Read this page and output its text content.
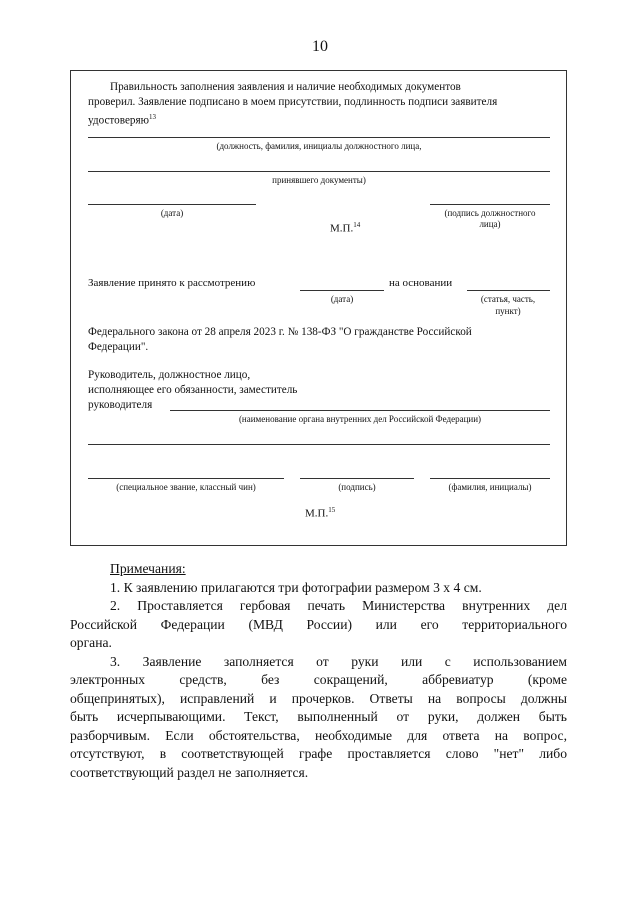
10
Правильность заполнения заявления и наличие необходимых документов
проверил. Заявление подписано в моем присутствии, подлинность подписи заявителя
удостоверяю$^{13}$
(должность, фамилия, инициалы должностного лица,
принявшего документы)
(дата)	(подпись должностного
лица)
М.П.$^{14}$
Заявление принято к рассмотрению
(дата)
на основании
(статья, часть,
пункт)
Федерального закона от 28 апреля 2023 г. № 138-ФЗ "О гражданстве Российской
Федерации".
Руководитель, должностное лицо,
исполняющее его обязанности, заместитель
руководителя
(наименование органа внутренних дел Российской Федерации)
(специальное звание, классный чин)	(подпись)	(фамилия, инициалы)
М.П.$^{15}$

Примечания:

1. К заявлению прилагаются три фотографии размером 3 х 4 см.

2. Проставляется гербовая печать Министерства внутренних дел

Российской Федерации (МВД России) или его территориального

органа.

3. Заявление заполняется от руки или с использованием

электронных средств, без сокращений, аббревиатур (кроме

общепринятых), исправлений и прочерков. Ответы на вопросы должны

быть исчерпывающими. Текст, выполненный от руки, должен быть

разборчивым. Если обстоятельства, необходимые для ответа на вопрос,

отсутствуют, в соответствующей графе проставляется слово "нет" либо

соответствующий раздел не заполняется.
